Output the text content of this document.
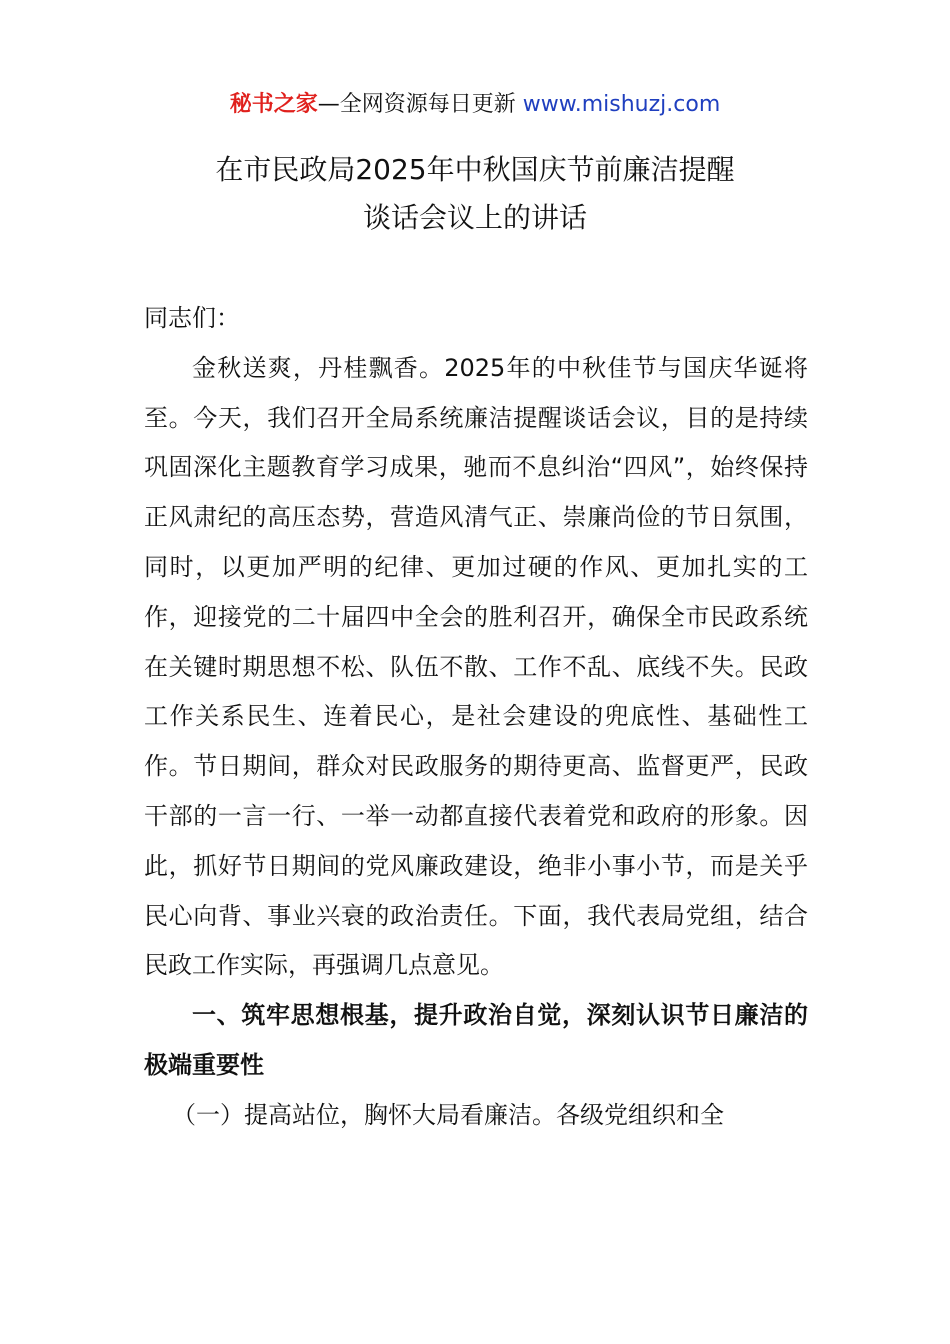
秘书之家—全网资源每日更新 www.mishuzj.com
在市民政局2025年中秋国庆节前廉洁提醒
谈话会议上的讲话

同志们：

金秋送爽，丹桂飘香。2025年的中秋佳节与国庆华诞将至。今天，我们召开全局系统廉洁提醒谈话会议，目的是持续巩固深化主题教育学习成果，驰而不息纠治“四风”，始终保持正风肃纪的高压态势，营造风清气正、崇廉尚俭的节日氛围，同时，以更加严明的纪律、更加过硬的作风、更加扎实的工作，迎接党的二十届四中全会的胜利召开，确保全市民政系统在关键时期思想不松、队伍不散、工作不乱、底线不失。民政工作关系民生、连着民心，是社会建设的兜底性、基础性工作。节日期间，群众对民政服务的期待更高、监督更严，民政干部的一言一行、一举一动都直接代表着党和政府的形象。因此，抓好节日期间的党风廉政建设，绝非小事小节，而是关乎民心向背、事业兴衰的政治责任。下面，我代表局党组，结合民政工作实际，再强调几点意见。

一、筑牢思想根基，提升政治自觉，深刻认识节日廉洁的极端重要性

（一）提高站位，胸怀大局看廉洁。各级党组织和全
